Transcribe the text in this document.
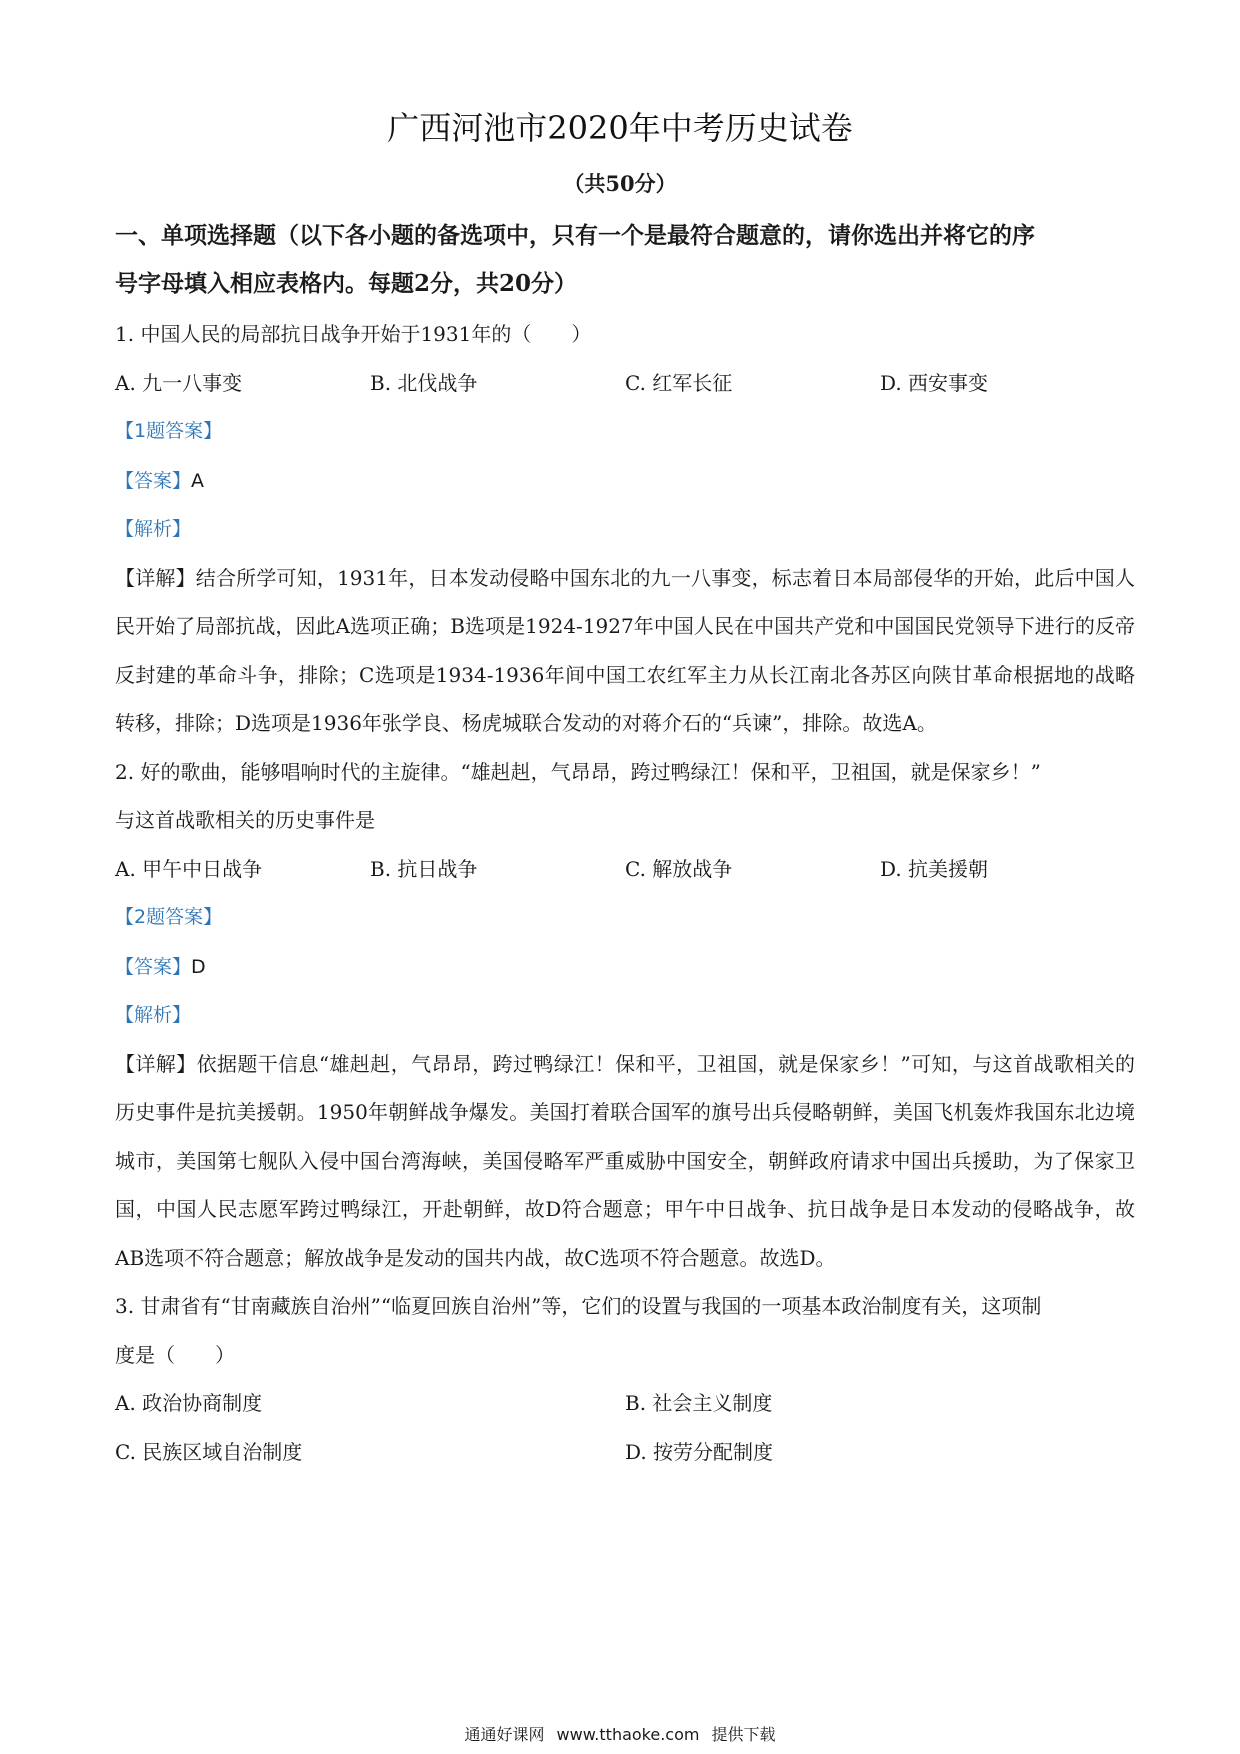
广西河池市2020年中考历史试卷
（共50分）
一、单项选择题（以下各小题的备选项中，只有一个是最符合题意的，请你选出并将它的序
号字母填入相应表格内。每题2分，共20分）
1. 中国人民的局部抗日战争开始于1931年的（　　）
A. 九一八事变	B. 北伐战争	C. 红军长征	D. 西安事变
【1题答案】
【答案】A
【解析】
【详解】结合所学可知，1931年，日本发动侵略中国东北的九一八事变，标志着日本局部侵华的开始，此后中国人民开始了局部抗战，因此A选项正确；B选项是1924-1927年中国人民在中国共产党和中国国民党领导下进行的反帝反封建的革命斗争，排除；C选项是1934-1936年间中国工农红军主力从长江南北各苏区向陕甘革命根据地的战略转移，排除；D选项是1936年张学良、杨虎城联合发动的对蒋介石的“兵谏”，排除。故选A。
2. 好的歌曲，能够唱响时代的主旋律。“雄赳赳，气昂昂，跨过鸭绿江！保和平，卫祖国，就是保家乡！”
与这首战歌相关的历史事件是
A. 甲午中日战争	B. 抗日战争	C. 解放战争	D. 抗美援朝
【2题答案】
【答案】D
【解析】
【详解】依据题干信息“雄赳赳，气昂昂，跨过鸭绿江！保和平，卫祖国，就是保家乡！”可知，与这首战歌相关的历史事件是抗美援朝。1950年朝鲜战争爆发。美国打着联合国军的旗号出兵侵略朝鲜，美国飞机轰炸我国东北边境城市，美国第七舰队入侵中国台湾海峡，美国侵略军严重威胁中国安全，朝鲜政府请求中国出兵援助，为了保家卫国，中国人民志愿军跨过鸭绿江，开赴朝鲜，故D符合题意；甲午中日战争、抗日战争是日本发动的侵略战争，故AB选项不符合题意；解放战争是发动的国共内战，故C选项不符合题意。故选D。
3. 甘肃省有“甘南藏族自治州”“临夏回族自治州”等，它们的设置与我国的一项基本政治制度有关，这项制
度是（　　）
A. 政治协商制度	B. 社会主义制度
C. 民族区域自治制度	D. 按劳分配制度
通通好课网 www.tthaoke.com 提供下载
